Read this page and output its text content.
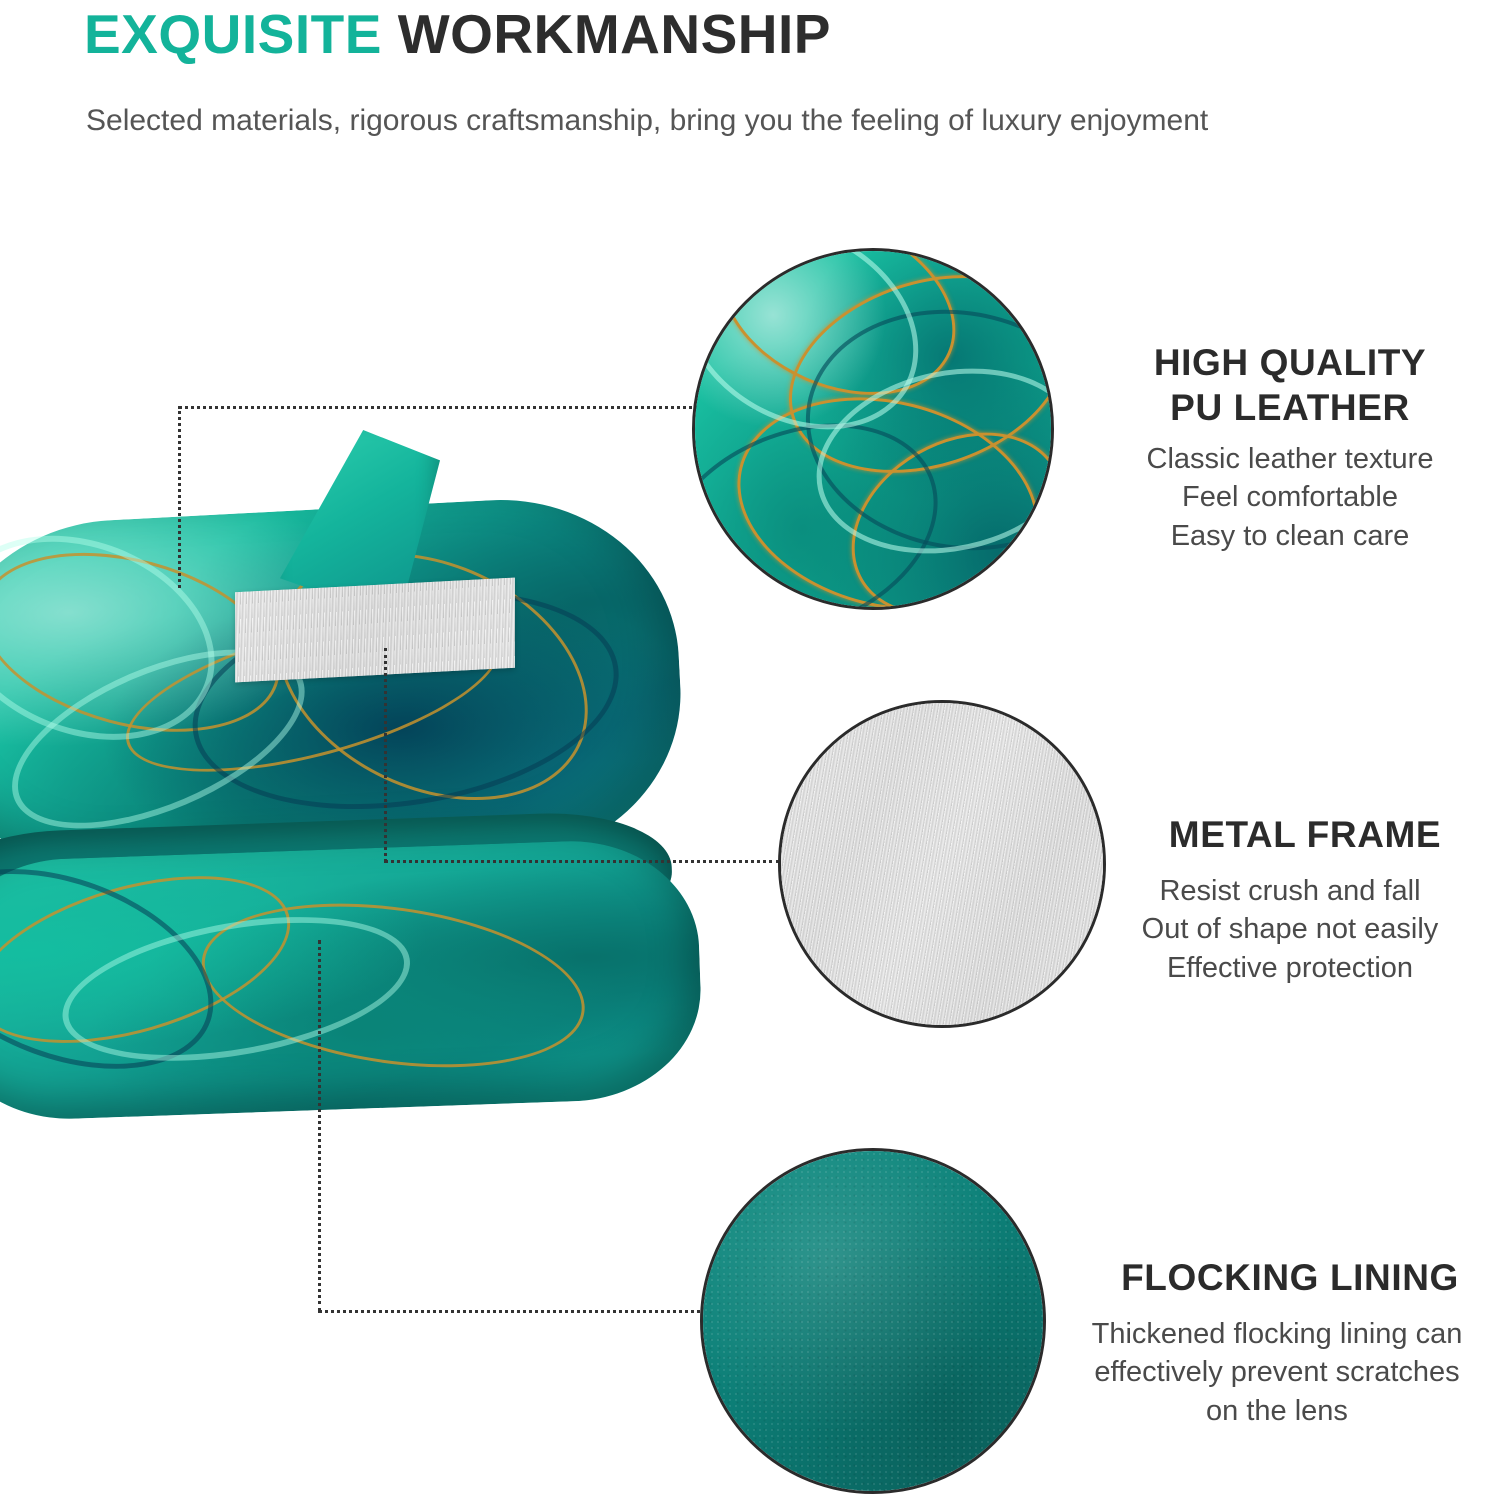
EXQUISITE WORKMANSHIP
Selected materials, rigorous craftsmanship, bring you the feeling of luxury enjoyment
HIGH QUALITY
PU LEATHER
Classic leather texture
Feel comfortable
Easy to clean care
METAL FRAME
Resist crush and fall
Out of shape not easily
Effective protection
FLOCKING LINING
Thickened flocking lining can
effectively prevent scratches
on the lens
